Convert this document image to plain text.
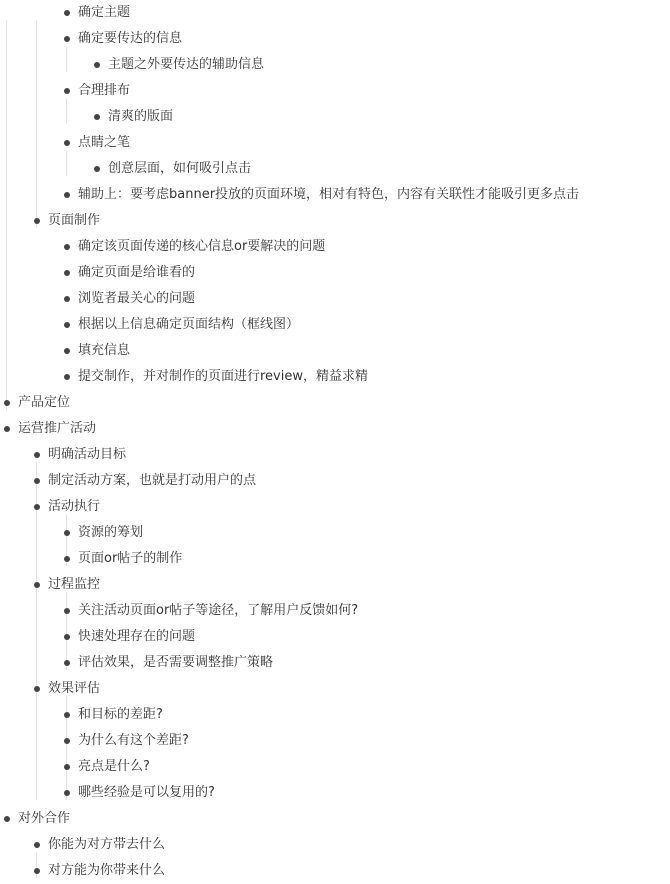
确定主题
确定要传达的信息
主题之外要传达的辅助信息
合理排布
清爽的版面
点睛之笔
创意层面，如何吸引点击
辅助上：要考虑banner投放的页面环境，相对有特色，内容有关联性才能吸引更多点击
页面制作
确定该页面传递的核心信息or要解决的问题
确定页面是给谁看的
浏览者最关心的问题
根据以上信息确定页面结构（框线图）
填充信息
提交制作，并对制作的页面进行review，精益求精
产品定位
运营推广活动
明确活动目标
制定活动方案，也就是打动用户的点
活动执行
资源的筹划
页面or帖子的制作
过程监控
关注活动页面or帖子等途径，了解用户反馈如何?
快速处理存在的问题
评估效果，是否需要调整推广策略
效果评估
和目标的差距?
为什么有这个差距?
亮点是什么?
哪些经验是可以复用的?
对外合作
你能为对方带去什么
对方能为你带来什么
